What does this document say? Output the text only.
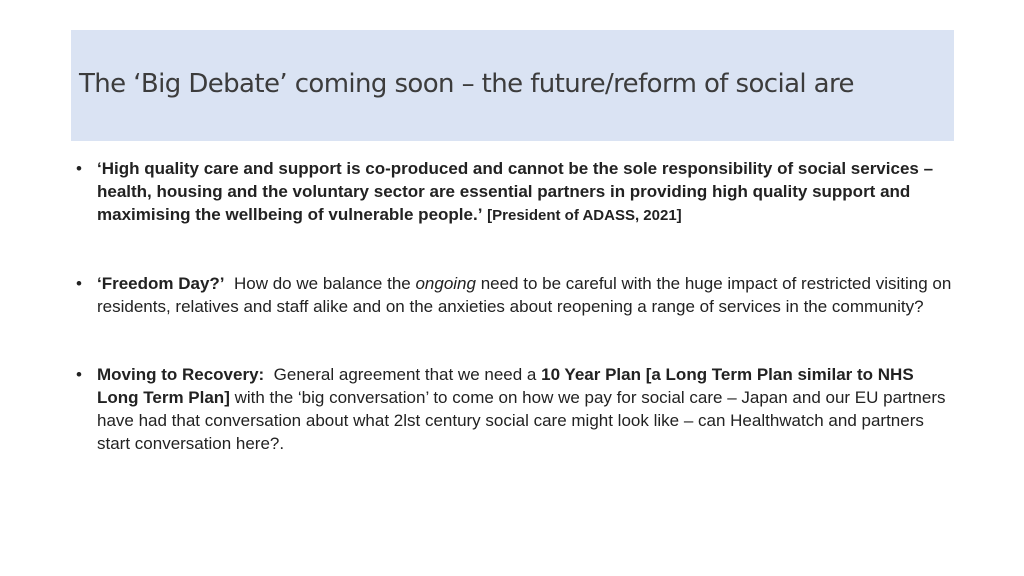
The ‘Big Debate’ coming soon – the future/reform of social are
• ‘High quality care and support is co-produced and cannot be the sole responsibility of social services – health, housing and the voluntary sector are essential partners in providing high quality support and maximising the wellbeing of vulnerable people.’ [President of ADASS, 2021]
• ‘Freedom Day?’ How do we balance the ongoing need to be careful with the huge impact of restricted visiting on residents, relatives and staff alike and on the anxieties about reopening a range of services in the community?
• Moving to Recovery: General agreement that we need a 10 Year Plan [a Long Term Plan similar to NHS Long Term Plan] with the ‘big conversation’ to come on how we pay for social care – Japan and our EU partners have had that conversation about what 2lst century social care might look like – can Healthwatch and partners start conversation here?.
